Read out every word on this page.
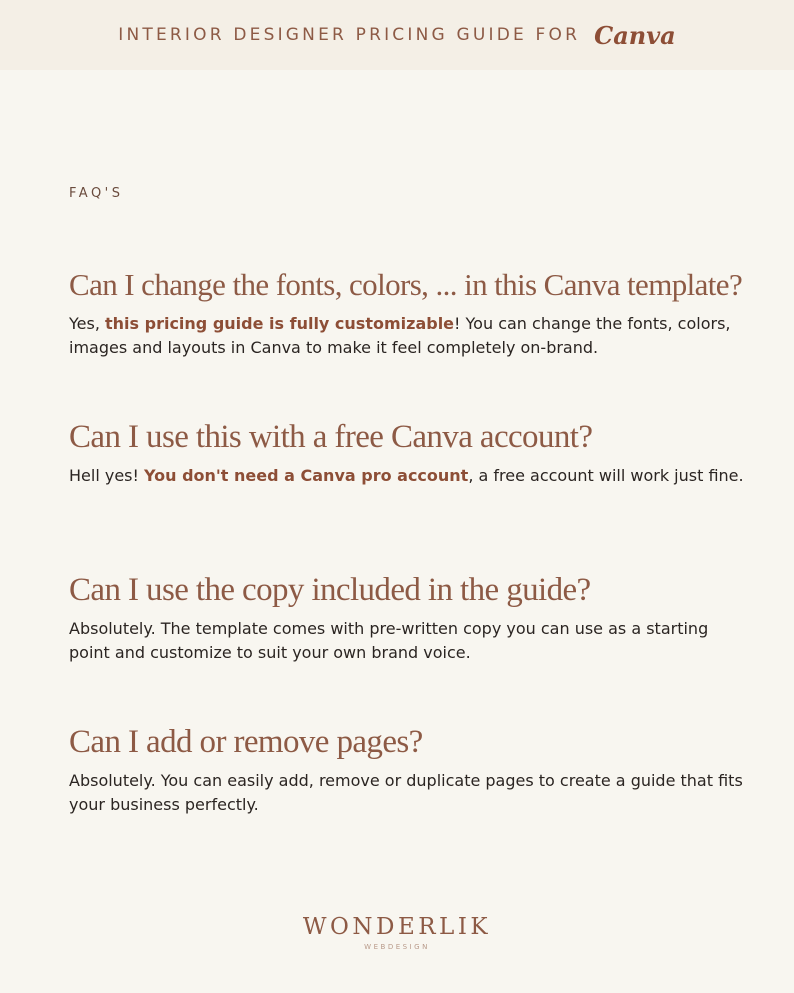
INTERIOR DESIGNER PRICING GUIDE FOR Canva
FAQ'S
Can I change the fonts, colors, ... in this Canva template?
Yes, this pricing guide is fully customizable! You can change the fonts, colors, images and layouts in Canva to make it feel completely on-brand.
Can I use this with a free Canva account?
Hell yes! You don't need a Canva pro account, a free account will work just fine.
Can I use the copy included in the guide?
Absolutely. The template comes with pre-written copy you can use as a starting point and customize to suit your own brand voice.
Can I add or remove pages?
Absolutely. You can easily add, remove or duplicate pages to create a guide that fits your business perfectly.
WONDERLIK
WEBDESIGN
